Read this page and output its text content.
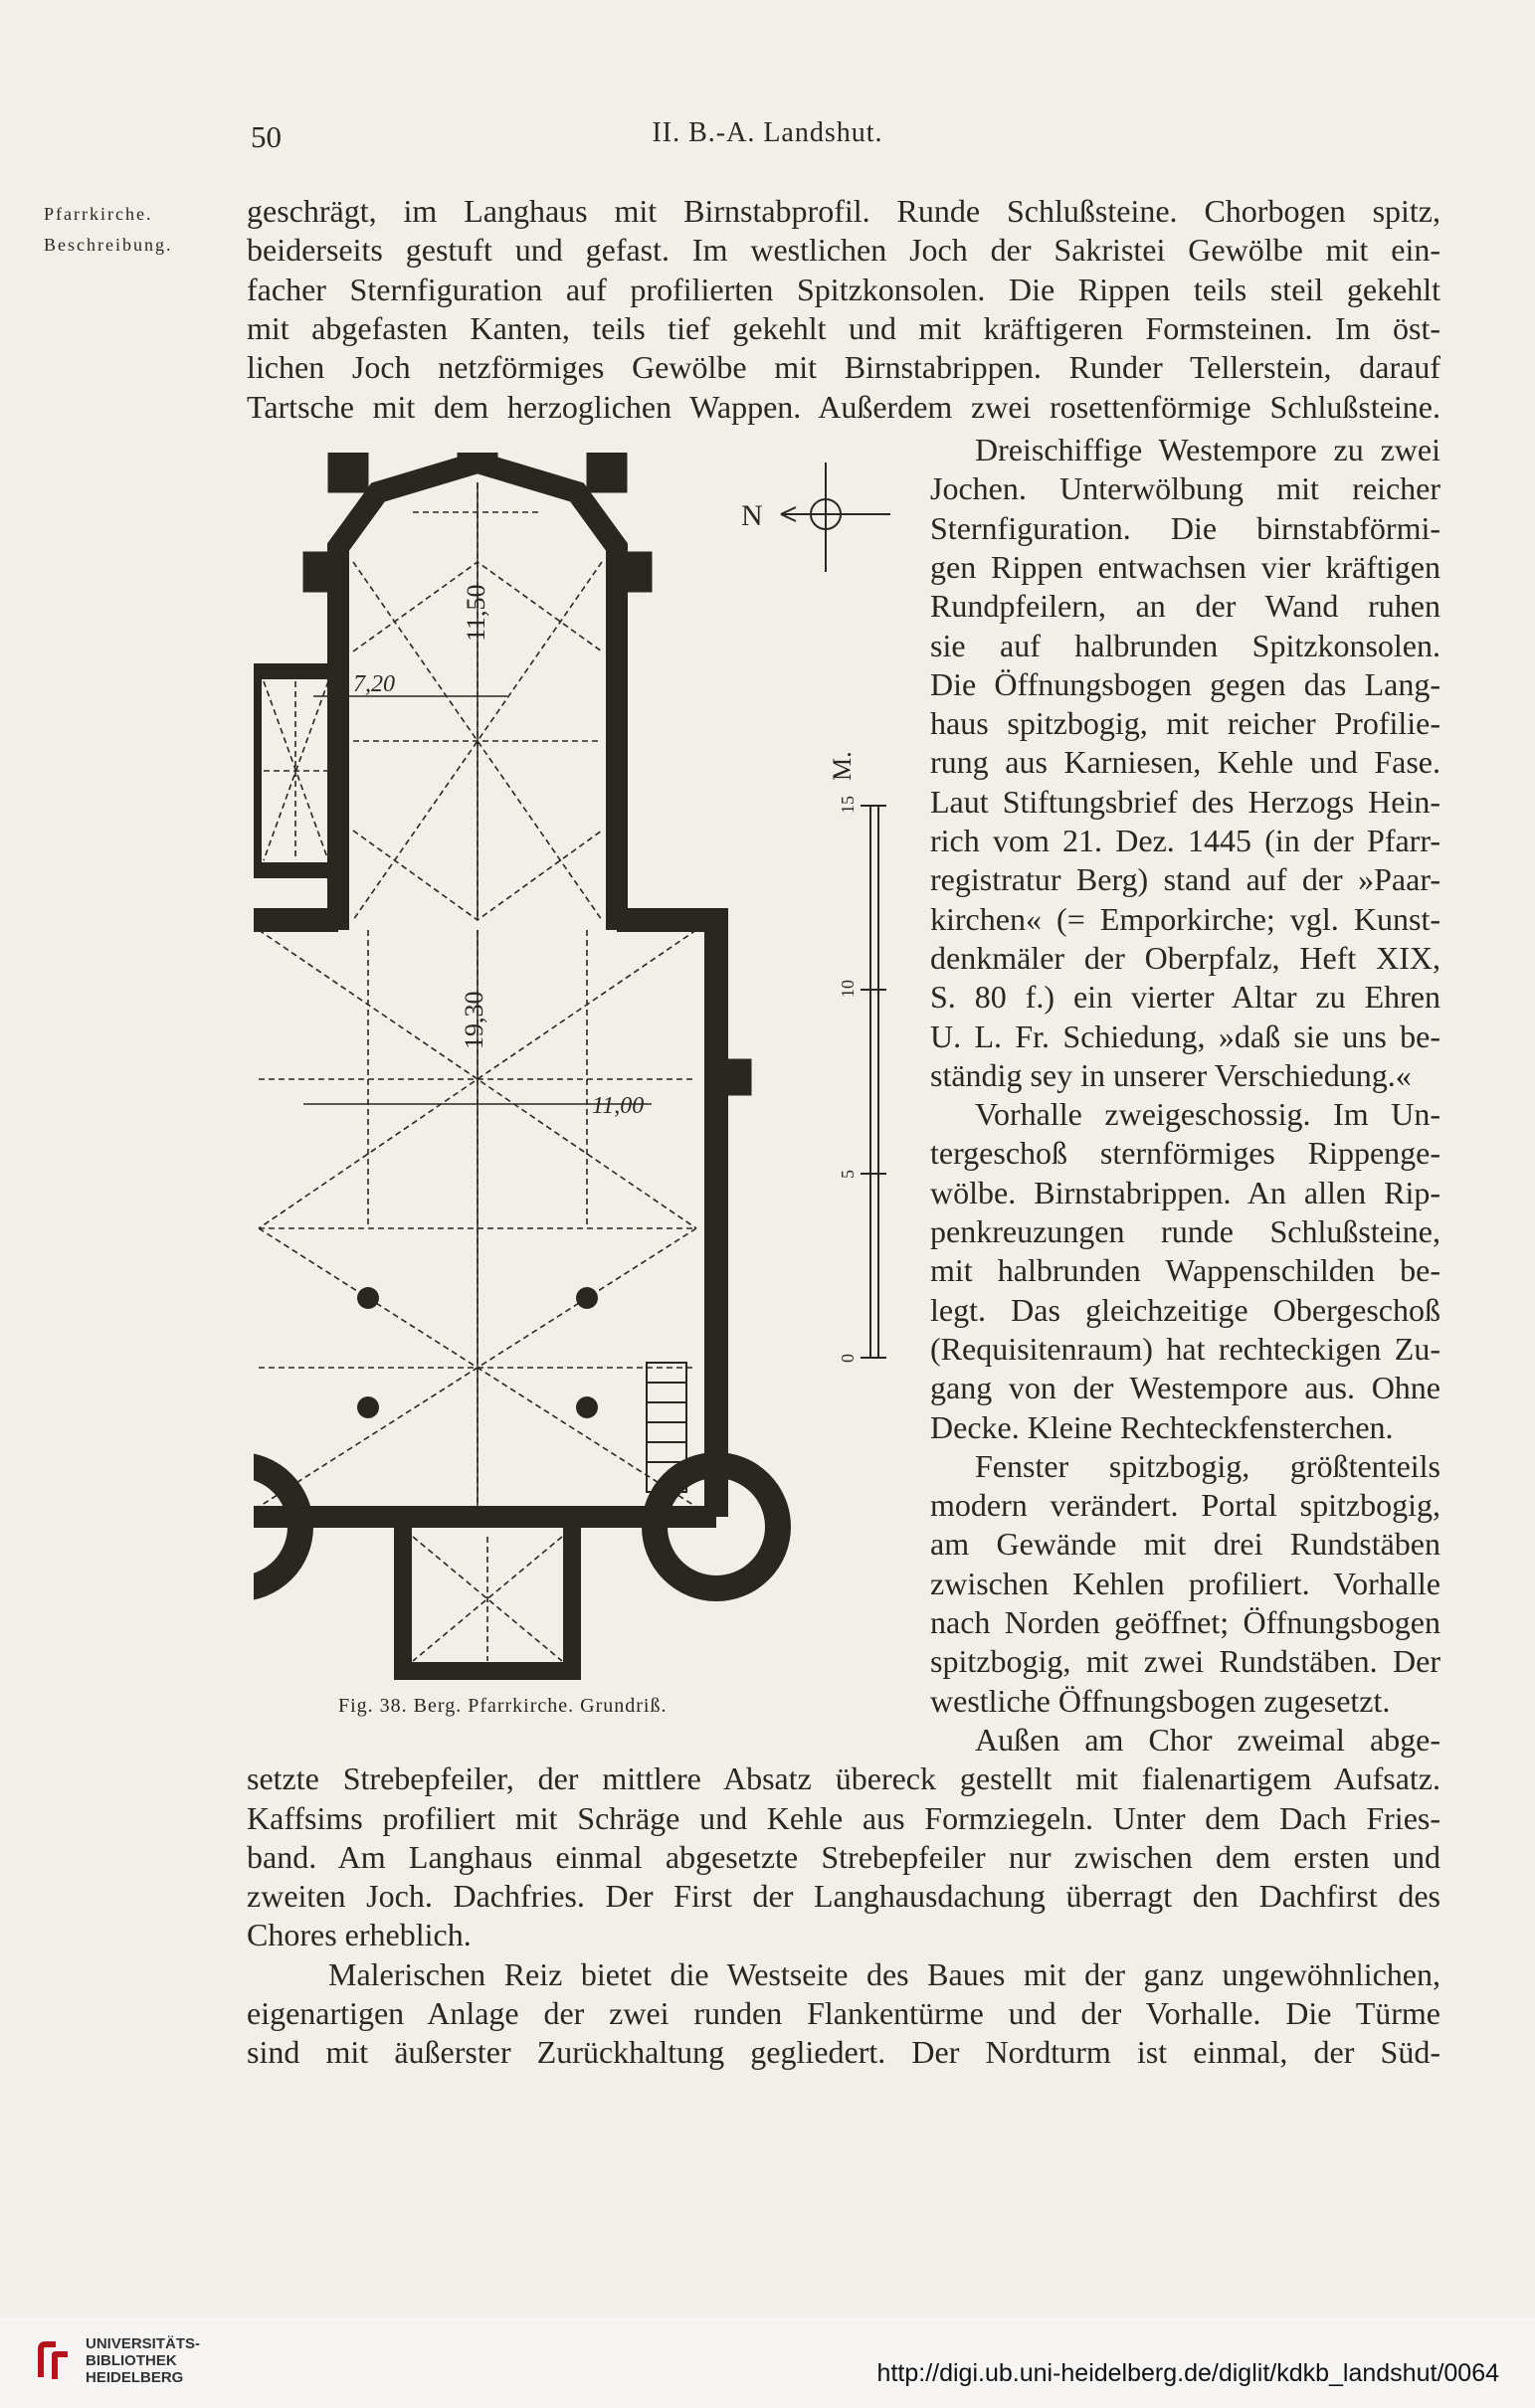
50	II. B.-A. Landshut.
Pfarrkirche.
Beschreibung.
geschrägt, im Langhaus mit Birnstabprofil. Runde Schlußsteine. Chorbogen spitz,
beiderseits gestuft und gefast. Im westlichen Joch der Sakristei Gewölbe mit ein-
facher Sternfiguration auf profilierten Spitzkonsolen. Die Rippen teils steil gekehlt
mit abgefasten Kanten, teils tief gekehlt und mit kräftigeren Formsteinen. Im öst-
lichen Joch netzförmiges Gewölbe mit Birnstabrippen. Runder Tellerstein, darauf
Tartsche mit dem herzoglichen Wappen. Außerdem zwei rosettenförmige Schlußsteine.
Dreischiffige Westempore zu zwei
Jochen. Unterwölbung mit reicher
Sternfiguration. Die birnstabförmi-
gen Rippen entwachsen vier kräftigen
Rundpfeilern, an der Wand ruhen
sie auf halbrunden Spitzkonsolen.
Die Öffnungsbogen gegen das Lang-
haus spitzbogig, mit reicher Profilie-
rung aus Karniesen, Kehle und Fase.
Laut Stiftungsbrief des Herzogs Hein-
rich vom 21. Dez. 1445 (in der Pfarr-
registratur Berg) stand auf der »Paar-
kirchen« (= Emporkirche; vgl. Kunst-
denkmäler der Oberpfalz, Heft XIX,
S. 80 f.) ein vierter Altar zu Ehren
U. L. Fr. Schiedung, »daß sie uns be-
ständig sey in unserer Verschiedung.«
Vorhalle zweigeschossig. Im Un-
tergeschoß sternförmiges Rippenge-
wölbe. Birnstabrippen. An allen Rip-
penkreuzungen runde Schlußsteine,
mit halbrunden Wappenschilden be-
legt. Das gleichzeitige Obergeschoß
(Requisitenraum) hat rechteckigen Zu-
gang von der Westempore aus. Ohne
Decke. Kleine Rechteckfensterchen.
Fenster spitzbogig, größtenteils
modern verändert. Portal spitzbogig,
am Gewände mit drei Rundstäben
zwischen Kehlen profiliert. Vorhalle
nach Norden geöffnet; Öffnungsbogen
spitzbogig, mit zwei Rundstäben. Der
westliche Öffnungsbogen zugesetzt.
Außen am Chor zweimal abge-
setzte Strebepfeiler, der mittlere Absatz übereck gestellt mit fialenartigem Aufsatz.
Kaffsims profiliert mit Schräge und Kehle aus Formziegeln. Unter dem Dach Fries-
band. Am Langhaus einmal abgesetzte Strebepfeiler nur zwischen dem ersten und
zweiten Joch. Dachfries. Der First der Langhausdachung überragt den Dachfirst des
Chores erheblich.
Malerischen Reiz bietet die Westseite des Baues mit der ganz ungewöhnlichen,
eigenartigen Anlage der zwei runden Flankentürme und der Vorhalle. Die Türme
sind mit äußerster Zurückhaltung gegliedert. Der Nordturm ist einmal, der Süd-
11,50
7,20
19,30
11,00
N
M.
0
5
10
15
Fig. 38. Berg. Pfarrkirche. Grundriß.
UNIVERSITÄTS-
BIBLIOTHEK
HEIDELBERG	http://digi.ub.uni-heidelberg.de/diglit/kdkb_landshut/0064
